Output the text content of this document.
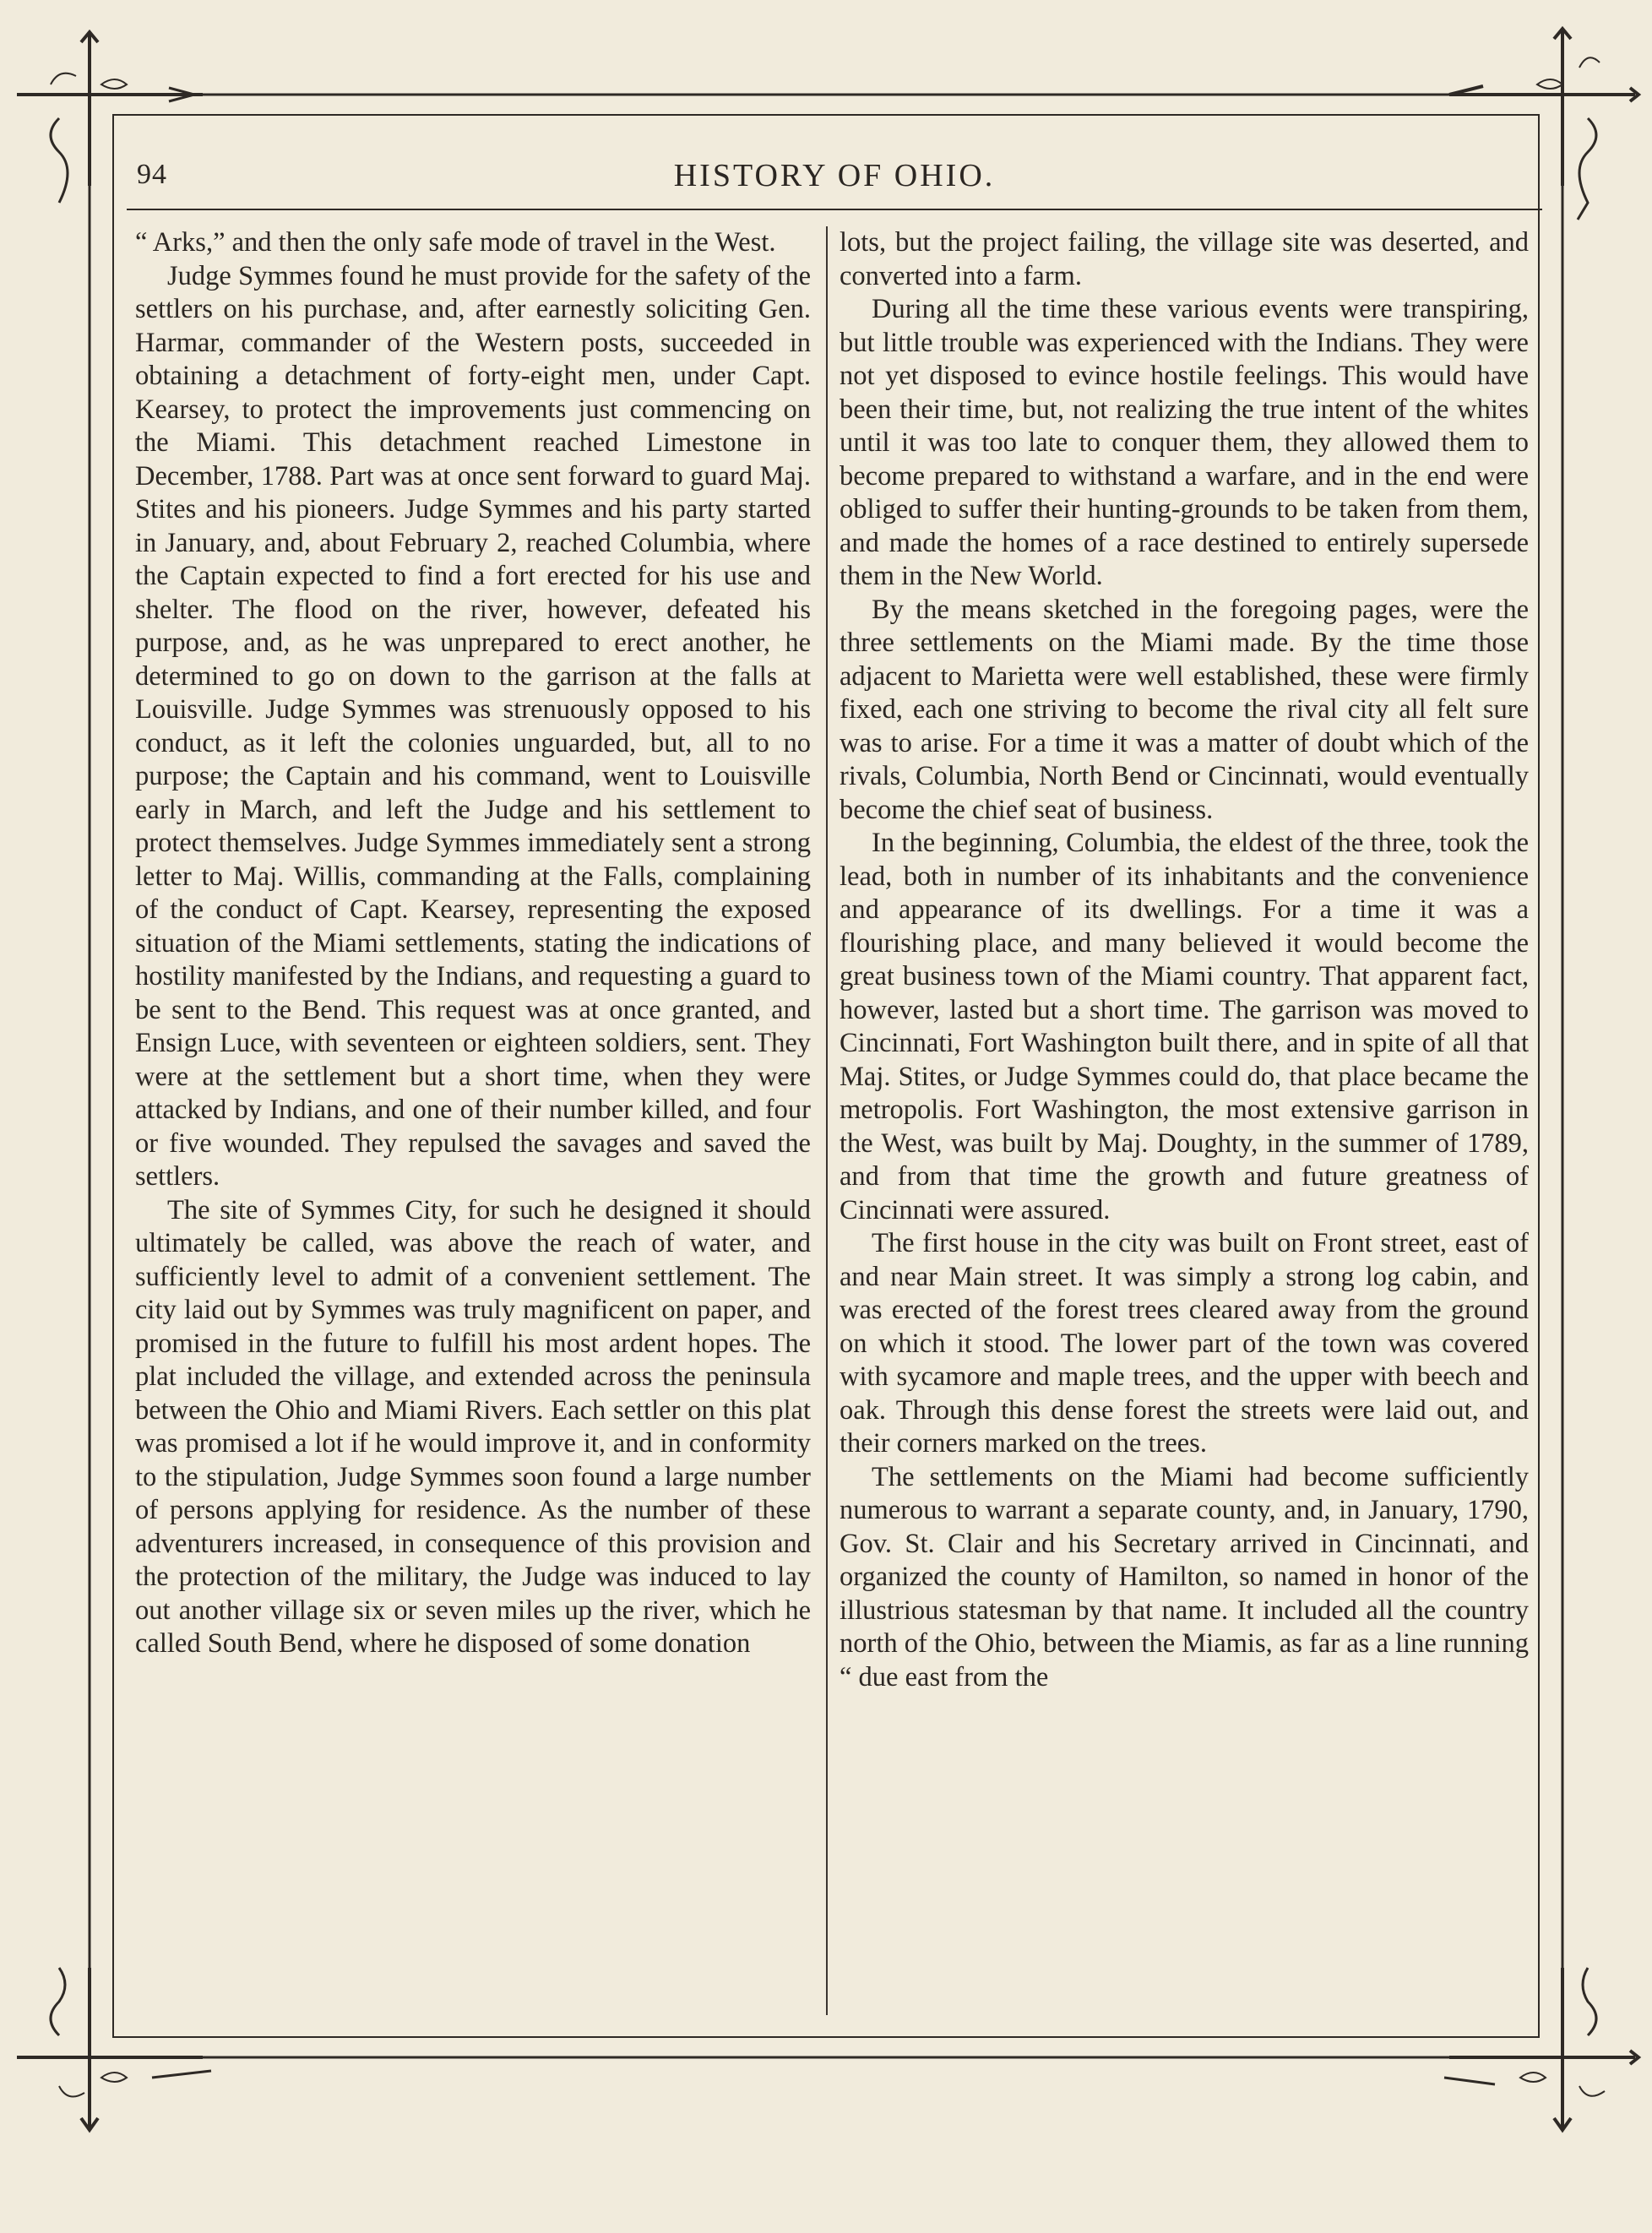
94	HISTORY OF OHIO.

“ Arks,” and then the only safe mode of travel in the West.

Judge Symmes found he must provide for the safety of the settlers on his purchase, and, after earnestly soliciting Gen. Harmar, commander of the Western posts, succeeded in obtaining a detachment of forty-eight men, under Capt. Kearsey, to protect the improvements just commencing on the Miami. This detachment reached Limestone in December, 1788. Part was at once sent forward to guard Maj. Stites and his pioneers. Judge Symmes and his party started in January, and, about February 2, reached Columbia, where the Captain expected to find a fort erected for his use and shelter. The flood on the river, however, defeated his purpose, and, as he was unprepared to erect another, he determined to go on down to the garrison at the falls at Louisville. Judge Symmes was strenuously opposed to his conduct, as it left the colonies unguarded, but, all to no purpose; the Captain and his command, went to Louisville early in March, and left the Judge and his settlement to protect themselves. Judge Symmes immediately sent a strong letter to Maj. Willis, commanding at the Falls, complaining of the conduct of Capt. Kearsey, representing the exposed situation of the Miami settlements, stating the indications of hostility manifested by the Indians, and requesting a guard to be sent to the Bend. This request was at once granted, and Ensign Luce, with seventeen or eighteen soldiers, sent. They were at the settlement but a short time, when they were attacked by Indians, and one of their number killed, and four or five wounded. They repulsed the savages and saved the settlers.

The site of Symmes City, for such he designed it should ultimately be called, was above the reach of water, and sufficiently level to admit of a convenient settlement. The city laid out by Symmes was truly magnificent on paper, and promised in the future to fulfill his most ardent hopes. The plat included the village, and extended across the peninsula between the Ohio and Miami Rivers. Each settler on this plat was promised a lot if he would improve it, and in conformity to the stipulation, Judge Symmes soon found a large number of persons applying for residence. As the number of these adventurers increased, in consequence of this provision and the protection of the military, the Judge was induced to lay out another village six or seven miles up the river, which he called South Bend, where he disposed of some donation

lots, but the project failing, the village site was deserted, and converted into a farm.

During all the time these various events were transpiring, but little trouble was experienced with the Indians. They were not yet disposed to evince hostile feelings. This would have been their time, but, not realizing the true intent of the whites until it was too late to conquer them, they allowed them to become prepared to withstand a warfare, and in the end were obliged to suffer their hunting-grounds to be taken from them, and made the homes of a race destined to entirely supersede them in the New World.

By the means sketched in the foregoing pages, were the three settlements on the Miami made. By the time those adjacent to Marietta were well established, these were firmly fixed, each one striving to become the rival city all felt sure was to arise. For a time it was a matter of doubt which of the rivals, Columbia, North Bend or Cincinnati, would eventually become the chief seat of business.

In the beginning, Columbia, the eldest of the three, took the lead, both in number of its inhabitants and the convenience and appearance of its dwellings. For a time it was a flourishing place, and many believed it would become the great business town of the Miami country. That apparent fact, however, lasted but a short time. The garrison was moved to Cincinnati, Fort Washington built there, and in spite of all that Maj. Stites, or Judge Symmes could do, that place became the metropolis. Fort Washington, the most extensive garrison in the West, was built by Maj. Doughty, in the summer of 1789, and from that time the growth and future greatness of Cincinnati were assured.

The first house in the city was built on Front street, east of and near Main street. It was simply a strong log cabin, and was erected of the forest trees cleared away from the ground on which it stood. The lower part of the town was covered with sycamore and maple trees, and the upper with beech and oak. Through this dense forest the streets were laid out, and their corners marked on the trees.

The settlements on the Miami had become sufficiently numerous to warrant a separate county, and, in January, 1790, Gov. St. Clair and his Secretary arrived in Cincinnati, and organized the county of Hamilton, so named in honor of the illustrious statesman by that name. It included all the country north of the Ohio, between the Miamis, as far as a line running “ due east from the
